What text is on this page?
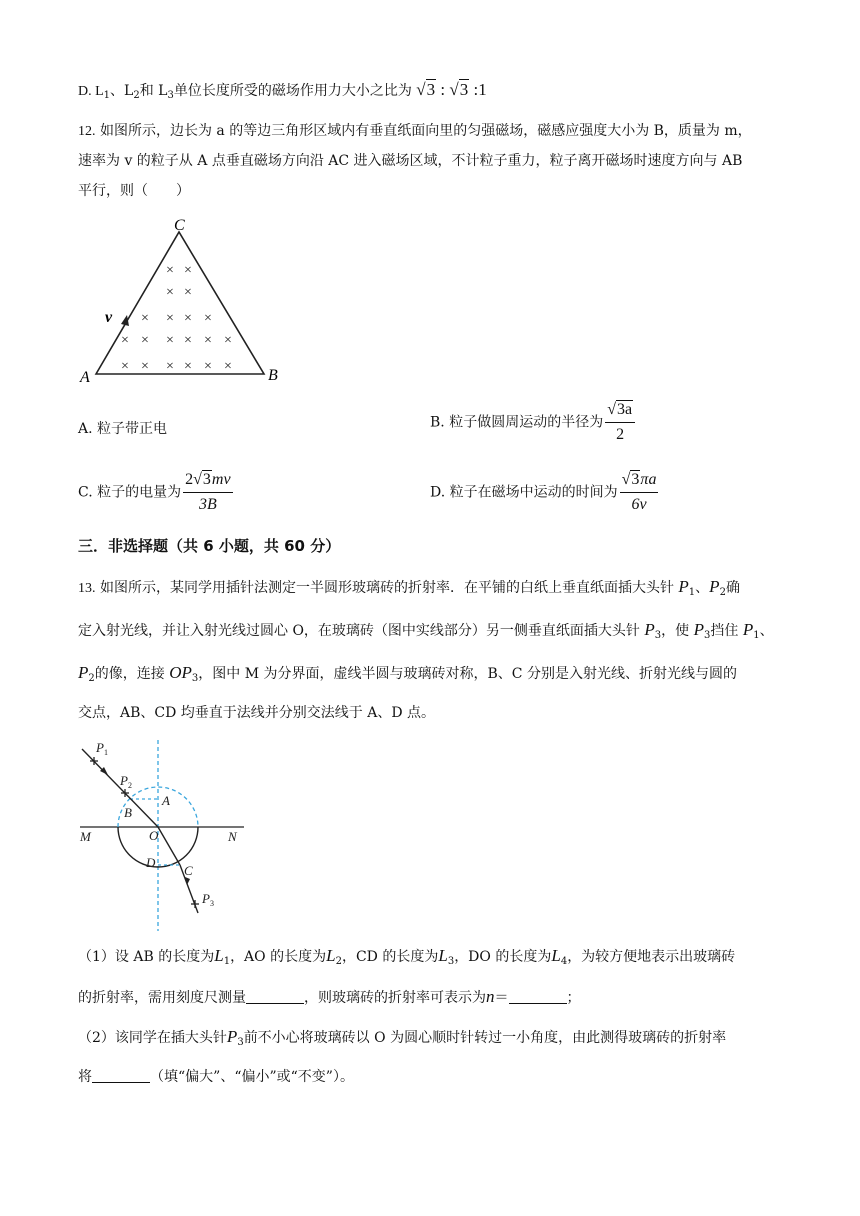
D. $L_1$、$L_2$和 $L_3$单位长度所受的磁场作用力大小之比为 √3 : √3 :1
12. 如图所示，边长为 a 的等边三角形区域内有垂直纸面向里的匀强磁场，磁感应强度大小为 B，质量为 m，
速率为 v 的粒子从 A 点垂直磁场方向沿 AC 进入磁场区域，不计粒子重力，粒子离开磁场时速度方向与 AB
平行，则（　　）
× ×
× ×
× × × ×
× × × × × ×
× × × × × ×
C
A	B
v
A. 粒子带正电	B. 粒子做圆周运动的半径为 $\frac{√3a}{2}$
C. 粒子的电量为 $\frac{2√3mv}{3B}$	D. 粒子在磁场中运动的时间为 $\frac{√3\pi a}{6v}$
三．非选择题（共 6 小题，共 60 分）
13. 如图所示，某同学用插针法测定一半圆形玻璃砖的折射率．在平铺的白纸上垂直纸面插大头针 $P_1$、$P_2$确
定入射光线，并让入射光线过圆心 O，在玻璃砖（图中实线部分）另一侧垂直纸面插大头针 $P_3$，使 $P_3$挡住 $P_1$、
$P_2$的像，连接 $OP_3$，图中 M 为分界面，虚线半圆与玻璃砖对称，B、C 分别是入射光线、折射光线与圆的
交点，AB、CD 均垂直于法线并分别交法线于 A、D 点。
$P_1$
$P_2$
$P_3$
A
B
C
D
O
M	N
（1）设 AB 的长度为$L_1$，AO 的长度为$L_2$，CD 的长度为$L_3$，DO 的长度为$L_4$，为较方便地表示出玻璃砖
的折射率，需用刻度尺测量	，则玻璃砖的折射率可表示为n＝	；
（2）该同学在插大头针$P_3$前不小心将玻璃砖以 O 为圆心顺时针转过一小角度，由此测得玻璃砖的折射率
将	（填“偏大”、“偏小”或“不变”）。
